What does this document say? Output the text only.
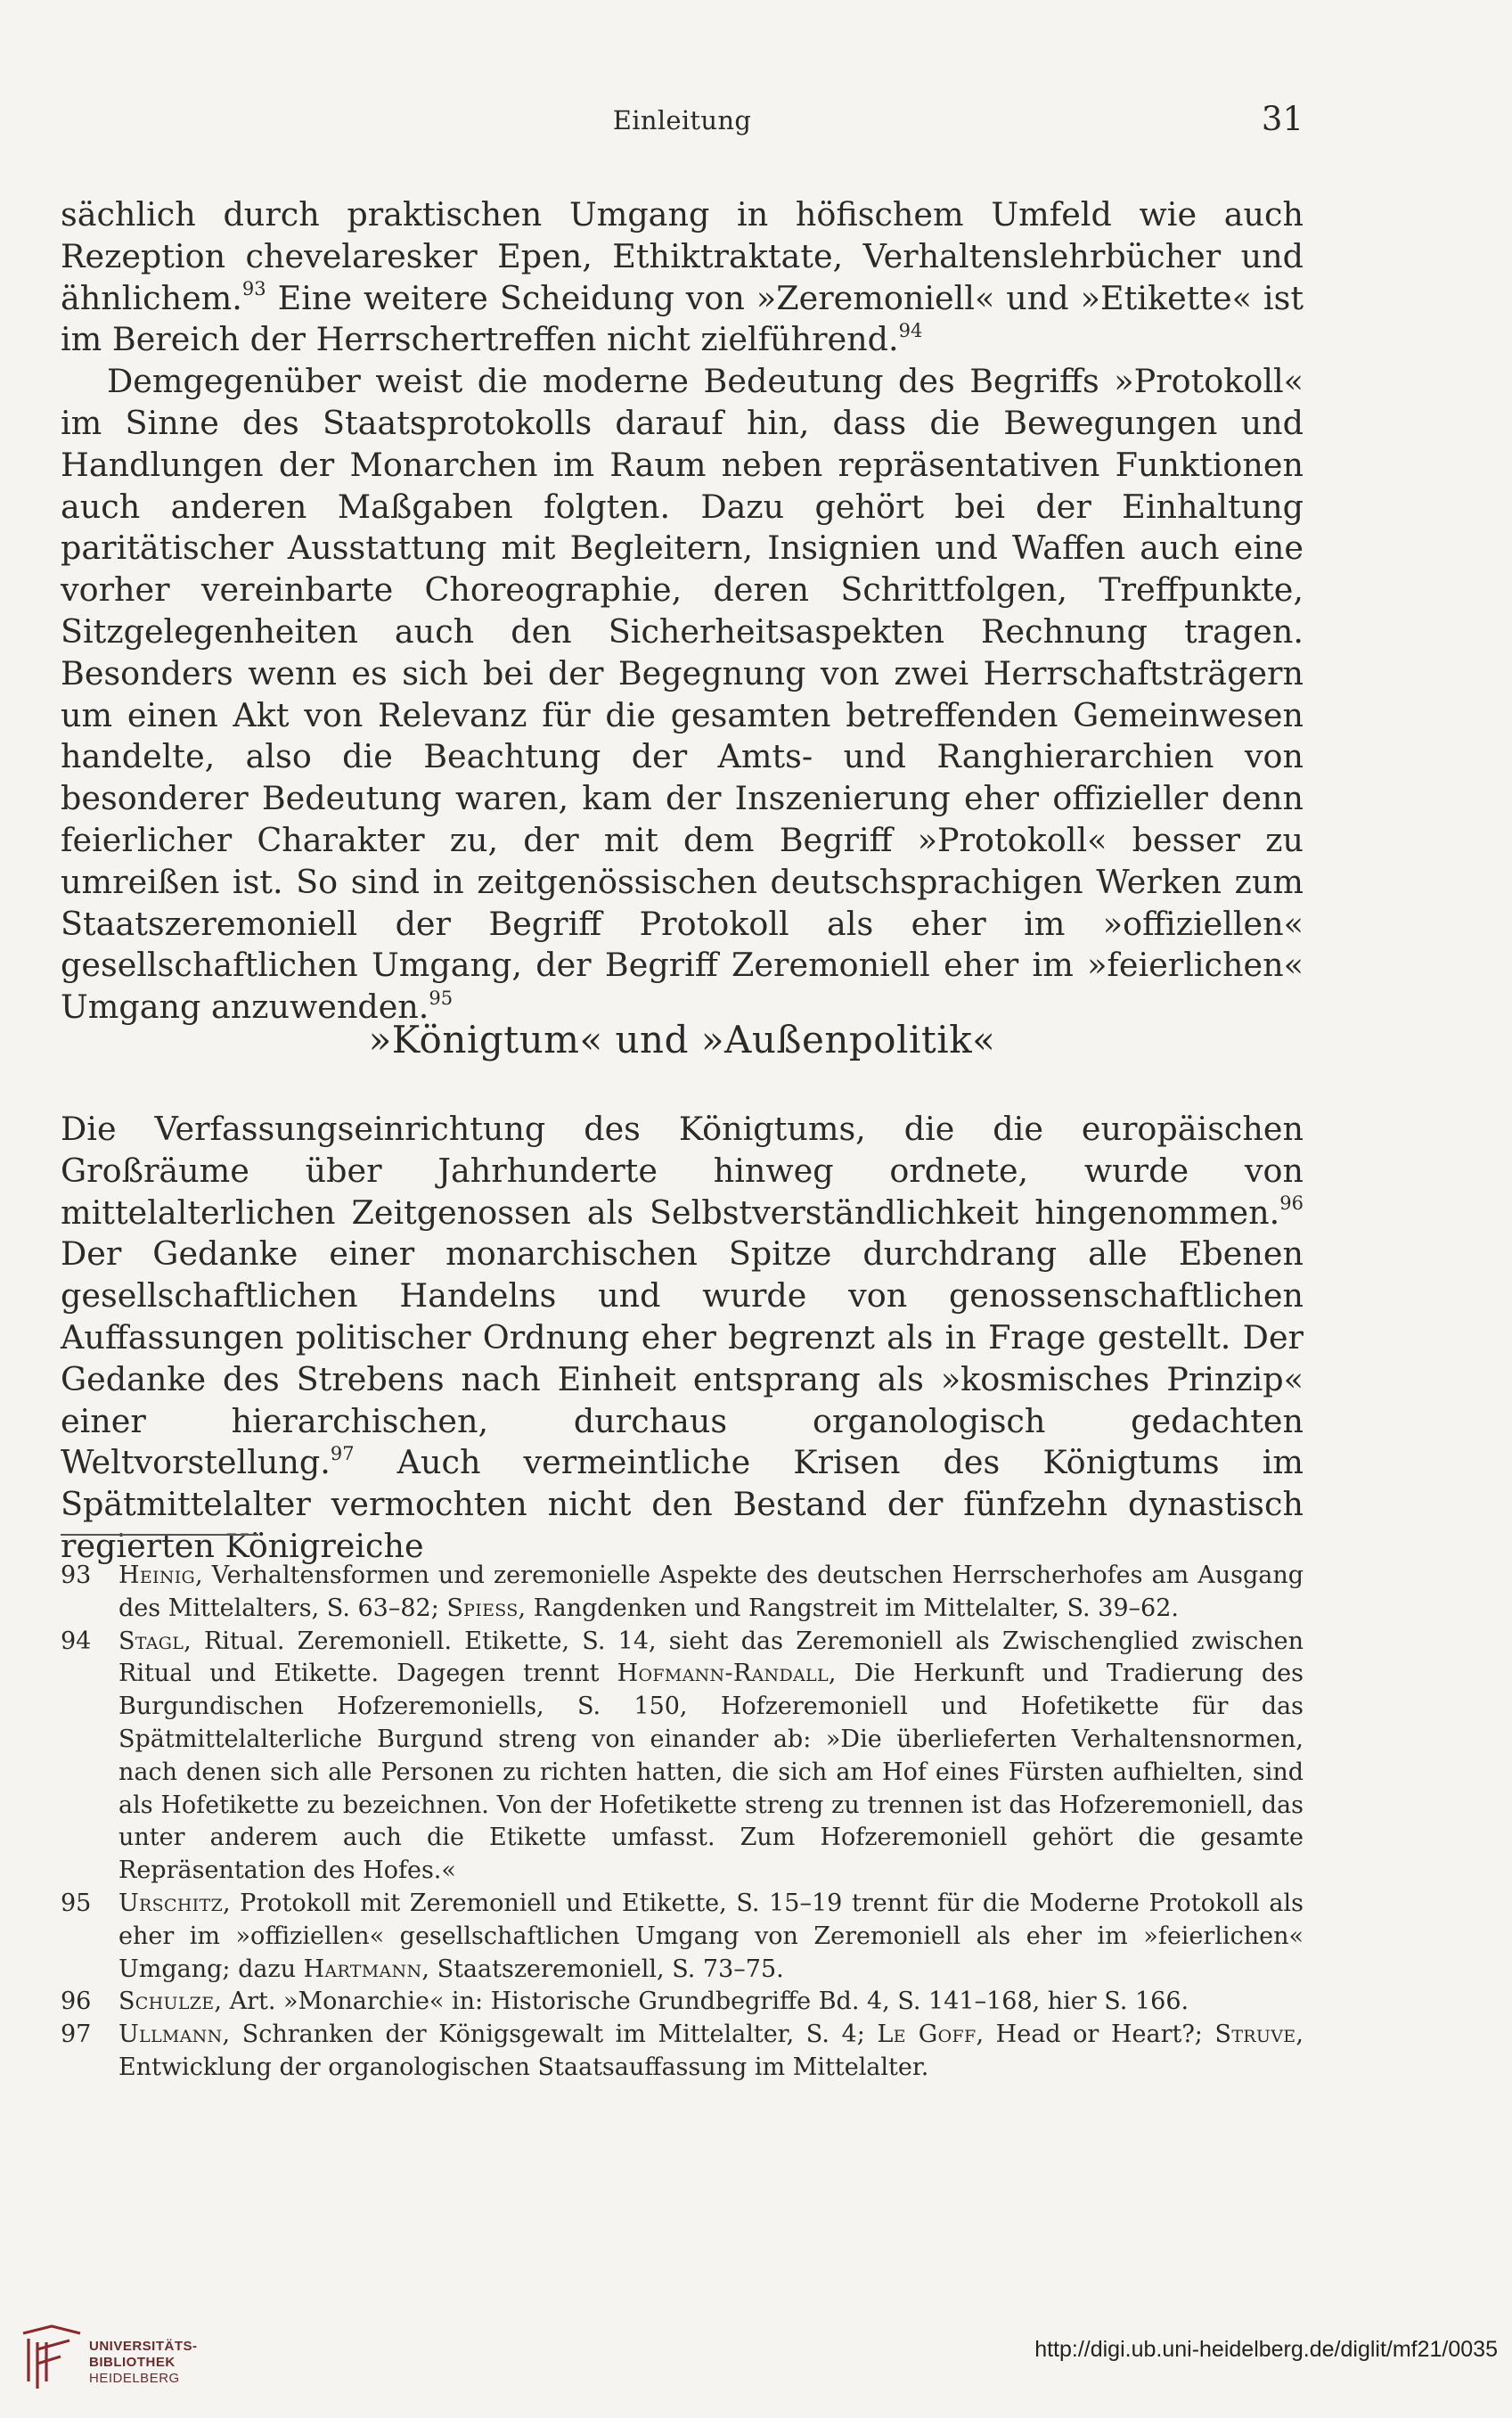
Einleitung	31

sächlich durch praktischen Umgang in höfischem Umfeld wie auch Rezeption chevelaresker Epen, Ethiktraktate, Verhaltenslehrbücher und ähnlichem.$^{93}$ Eine weitere Scheidung von »Zeremoniell« und »Etikette« ist im Bereich der Herrschertreffen nicht zielführend.$^{94}$

Demgegenüber weist die moderne Bedeutung des Begriffs »Protokoll« im Sinne des Staatsprotokolls darauf hin, dass die Bewegungen und Handlungen der Monarchen im Raum neben repräsentativen Funktionen auch anderen Maßgaben folgten. Dazu gehört bei der Einhaltung paritätischer Ausstattung mit Begleitern, Insignien und Waffen auch eine vorher vereinbarte Choreographie, deren Schrittfolgen, Treffpunkte, Sitzgelegenheiten auch den Sicherheitsaspekten Rechnung tragen. Besonders wenn es sich bei der Begegnung von zwei Herrschaftsträgern um einen Akt von Relevanz für die gesamten betreffenden Gemeinwesen handelte, also die Beachtung der Amts- und Ranghierarchien von besonderer Bedeutung waren, kam der Inszenierung eher offizieller denn feierlicher Charakter zu, der mit dem Begriff »Protokoll« besser zu umreißen ist. So sind in zeitgenössischen deutschsprachigen Werken zum Staatszeremoniell der Begriff Protokoll als eher im »offiziellen« gesellschaftlichen Umgang, der Begriff Zeremoniell eher im »feierlichen« Umgang anzuwenden.$^{95}$

»Königtum« und »Außenpolitik«

Die Verfassungseinrichtung des Königtums, die die europäischen Großräume über Jahrhunderte hinweg ordnete, wurde von mittelalterlichen Zeitgenossen als Selbstverständlichkeit hingenommen.$^{96}$ Der Gedanke einer monarchischen Spitze durchdrang alle Ebenen gesellschaftlichen Handelns und wurde von genossenschaftlichen Auffassungen politischer Ordnung eher begrenzt als in Frage gestellt. Der Gedanke des Strebens nach Einheit entsprang als »kosmisches Prinzip« einer hierarchischen, durchaus organologisch gedachten Weltvorstellung.$^{97}$ Auch vermeintliche Krisen des Königtums im Spätmittelalter vermochten nicht den Bestand der fünfzehn dynastisch regierten Königreiche

93 Heinig, Verhaltensformen und zeremonielle Aspekte des deutschen Herrscherhofes am Ausgang des Mittelalters, S. 63–82; Spiess, Rangdenken und Rangstreit im Mittelalter, S. 39–62.
94 Stagl, Ritual. Zeremoniell. Etikette, S. 14, sieht das Zeremoniell als Zwischenglied zwischen Ritual und Etikette. Dagegen trennt Hofmann-Randall, Die Herkunft und Tradierung des Burgundischen Hofzeremoniells, S. 150, Hofzeremoniell und Hofetikette für das Spätmittelalterliche Burgund streng von einander ab: »Die überlieferten Verhaltensnormen, nach denen sich alle Personen zu richten hatten, die sich am Hof eines Fürsten aufhielten, sind als Hofetikette zu bezeichnen. Von der Hofetikette streng zu trennen ist das Hofzeremoniell, das unter anderem auch die Etikette umfasst. Zum Hofzeremoniell gehört die gesamte Repräsentation des Hofes.«
95 Urschitz, Protokoll mit Zeremoniell und Etikette, S. 15–19 trennt für die Moderne Protokoll als eher im »offiziellen« gesellschaftlichen Umgang von Zeremoniell als eher im »feierlichen« Umgang; dazu Hartmann, Staatszeremoniell, S. 73–75.
96 Schulze, Art. »Monarchie« in: Historische Grundbegriffe Bd. 4, S. 141–168, hier S. 166.
97 Ullmann, Schranken der Königsgewalt im Mittelalter, S. 4; Le Goff, Head or Heart?; Struve, Entwicklung der organologischen Staatsauffassung im Mittelalter.
UNIVERSITÄTS-
BIBLIOTHEK
HEIDELBERG
http://digi.ub.uni-heidelberg.de/diglit/mf21/0035
